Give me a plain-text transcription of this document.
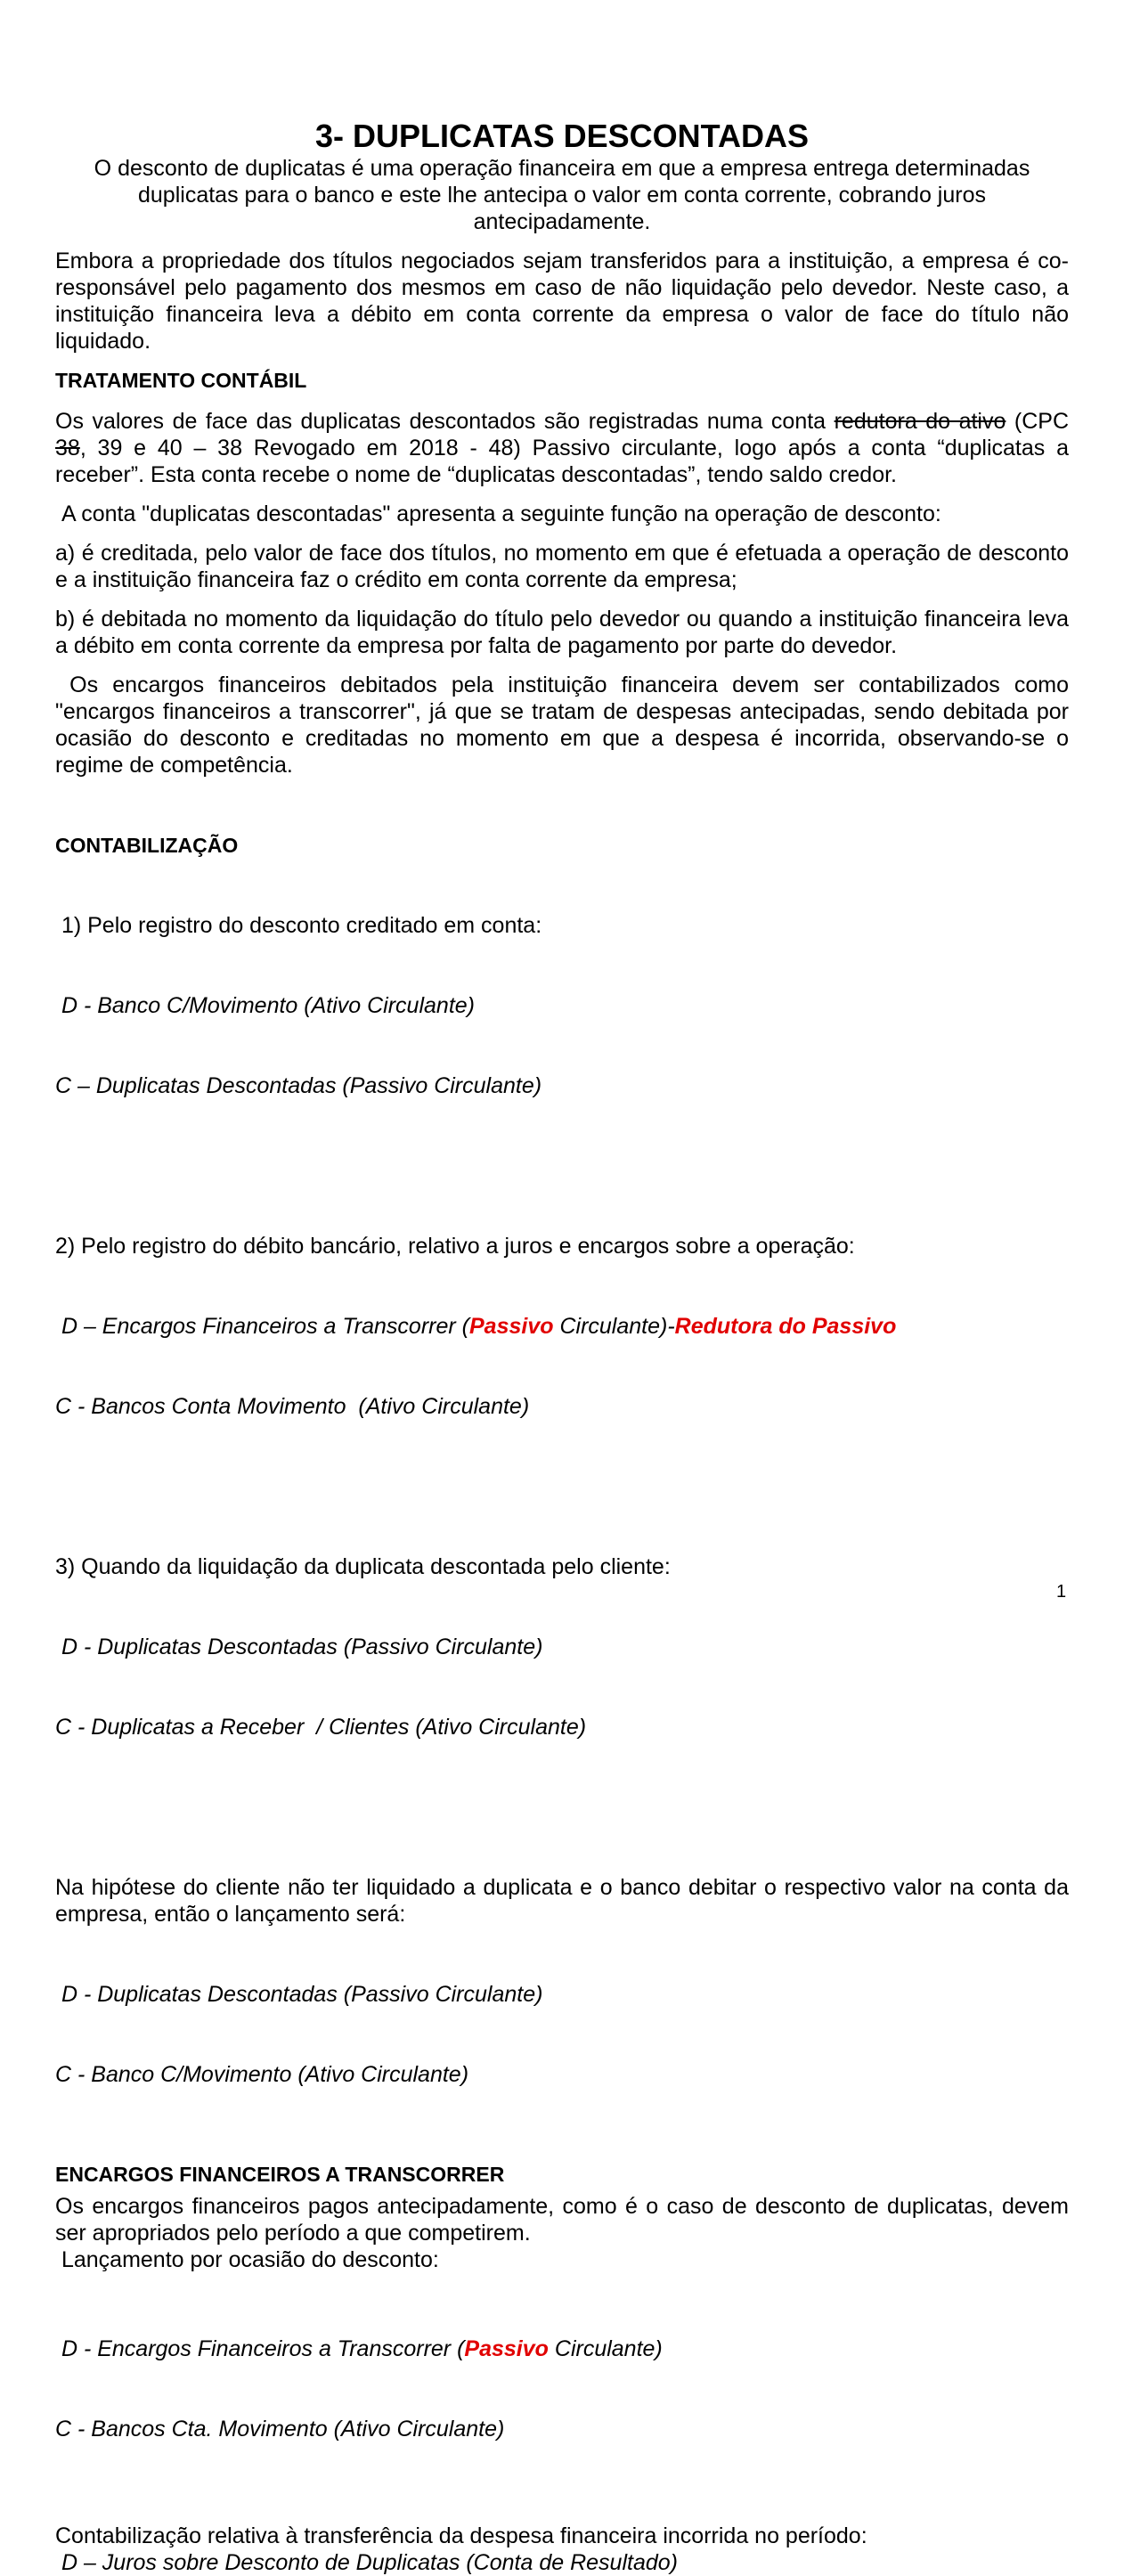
3- DUPLICATAS DESCONTADAS

O desconto de duplicatas é uma operação financeira em que a empresa entrega determinadas duplicatas para o banco e este lhe antecipa o valor em conta corrente, cobrando juros antecipadamente.

Embora a propriedade dos títulos negociados sejam transferidos para a instituição, a empresa é co-responsável pelo pagamento dos mesmos em caso de não liquidação pelo devedor. Neste caso, a instituição financeira leva a débito em conta corrente da empresa o valor de face do título não liquidado.

TRATAMENTO CONTÁBIL

Os valores de face das duplicatas descontados são registradas numa conta redutora do ativo (CPC 38, 39 e 40 – 38 Revogado em 2018 - 48) Passivo circulante, logo após a conta “duplicatas a receber”. Esta conta recebe o nome de “duplicatas descontadas”, tendo saldo credor.

A conta "duplicatas descontadas" apresenta a seguinte função na operação de desconto:

a) é creditada, pelo valor de face dos títulos, no momento em que é efetuada a operação de desconto e a instituição financeira faz o crédito em conta corrente da empresa;

b) é debitada no momento da liquidação do título pelo devedor ou quando a instituição financeira leva a débito em conta corrente da empresa por falta de pagamento por parte do devedor.

Os encargos financeiros debitados pela instituição financeira devem ser contabilizados como "encargos financeiros a transcorrer", já que se tratam de despesas antecipadas, sendo debitada por ocasião do desconto e creditadas no momento em que a despesa é incorrida, observando-se o regime de competência.

CONTABILIZAÇÃO

1) Pelo registro do desconto creditado em conta:

D - Banco C/Movimento (Ativo Circulante)

C – Duplicatas Descontadas (Passivo Circulante)

2) Pelo registro do débito bancário, relativo a juros e encargos sobre a operação:

D – Encargos Financeiros a Transcorrer (Passivo Circulante)-Redutora do Passivo

C - Bancos Conta Movimento  (Ativo Circulante)

3) Quando da liquidação da duplicata descontada pelo cliente:

D - Duplicatas Descontadas (Passivo Circulante)

C - Duplicatas a Receber  / Clientes (Ativo Circulante)

Na hipótese do cliente não ter liquidado a duplicata e o banco debitar o respectivo valor na conta da empresa, então o lançamento será:

D - Duplicatas Descontadas (Passivo Circulante)

C - Banco C/Movimento (Ativo Circulante)

ENCARGOS FINANCEIROS A TRANSCORRER

Os encargos financeiros pagos antecipadamente, como é o caso de desconto de duplicatas, devem ser apropriados pelo período a que competirem.

Lançamento por ocasião do desconto:

D - Encargos Financeiros a Transcorrer (Passivo Circulante)

C - Bancos Cta. Movimento (Ativo Circulante)

Contabilização relativa à transferência da despesa financeira incorrida no período:

D – Juros sobre Desconto de Duplicatas (Conta de Resultado)

1
